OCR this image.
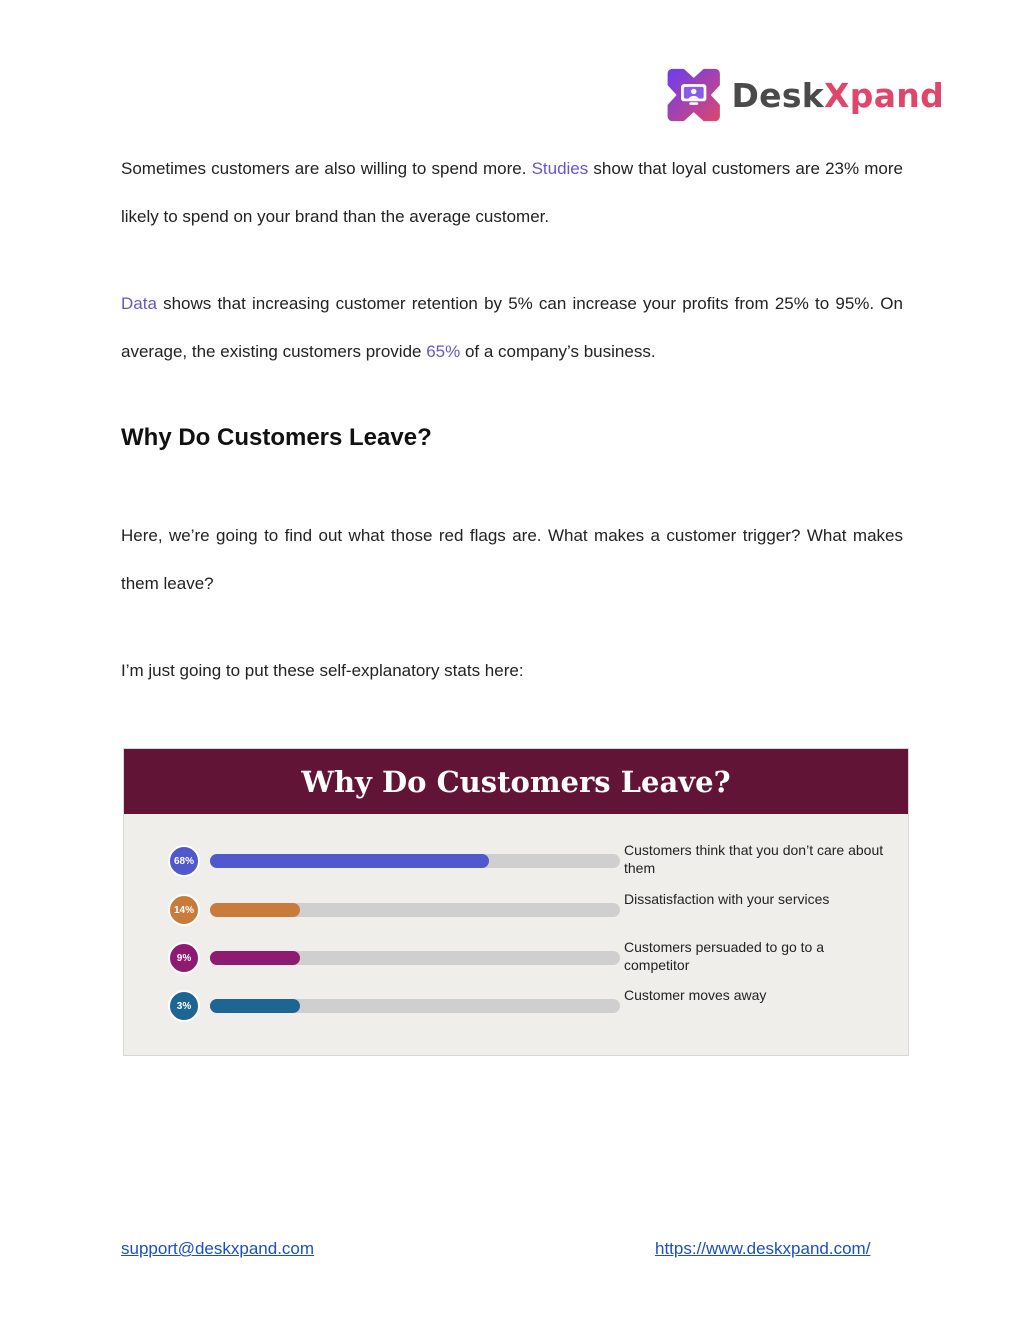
DeskXpand

Sometimes customers are also willing to spend more. Studies show that loyal customers are 23% more likely to spend on your brand than the average customer.

Data shows that increasing customer retention by 5% can increase your profits from 25% to 95%. On average, the existing customers provide 65% of a company’s business.

Why Do Customers Leave?

Here, we’re going to find out what those red flags are. What makes a customer trigger? What makes them leave?

I’m just going to put these self-explanatory stats here:

Why Do Customers Leave?
68%
Customers think that you don’t care about them
14%
Dissatisfaction with your services
9%
Customers persuaded to go to a competitor
3%
Customer moves away
support@deskxpand.com	https://www.deskxpand.com/
